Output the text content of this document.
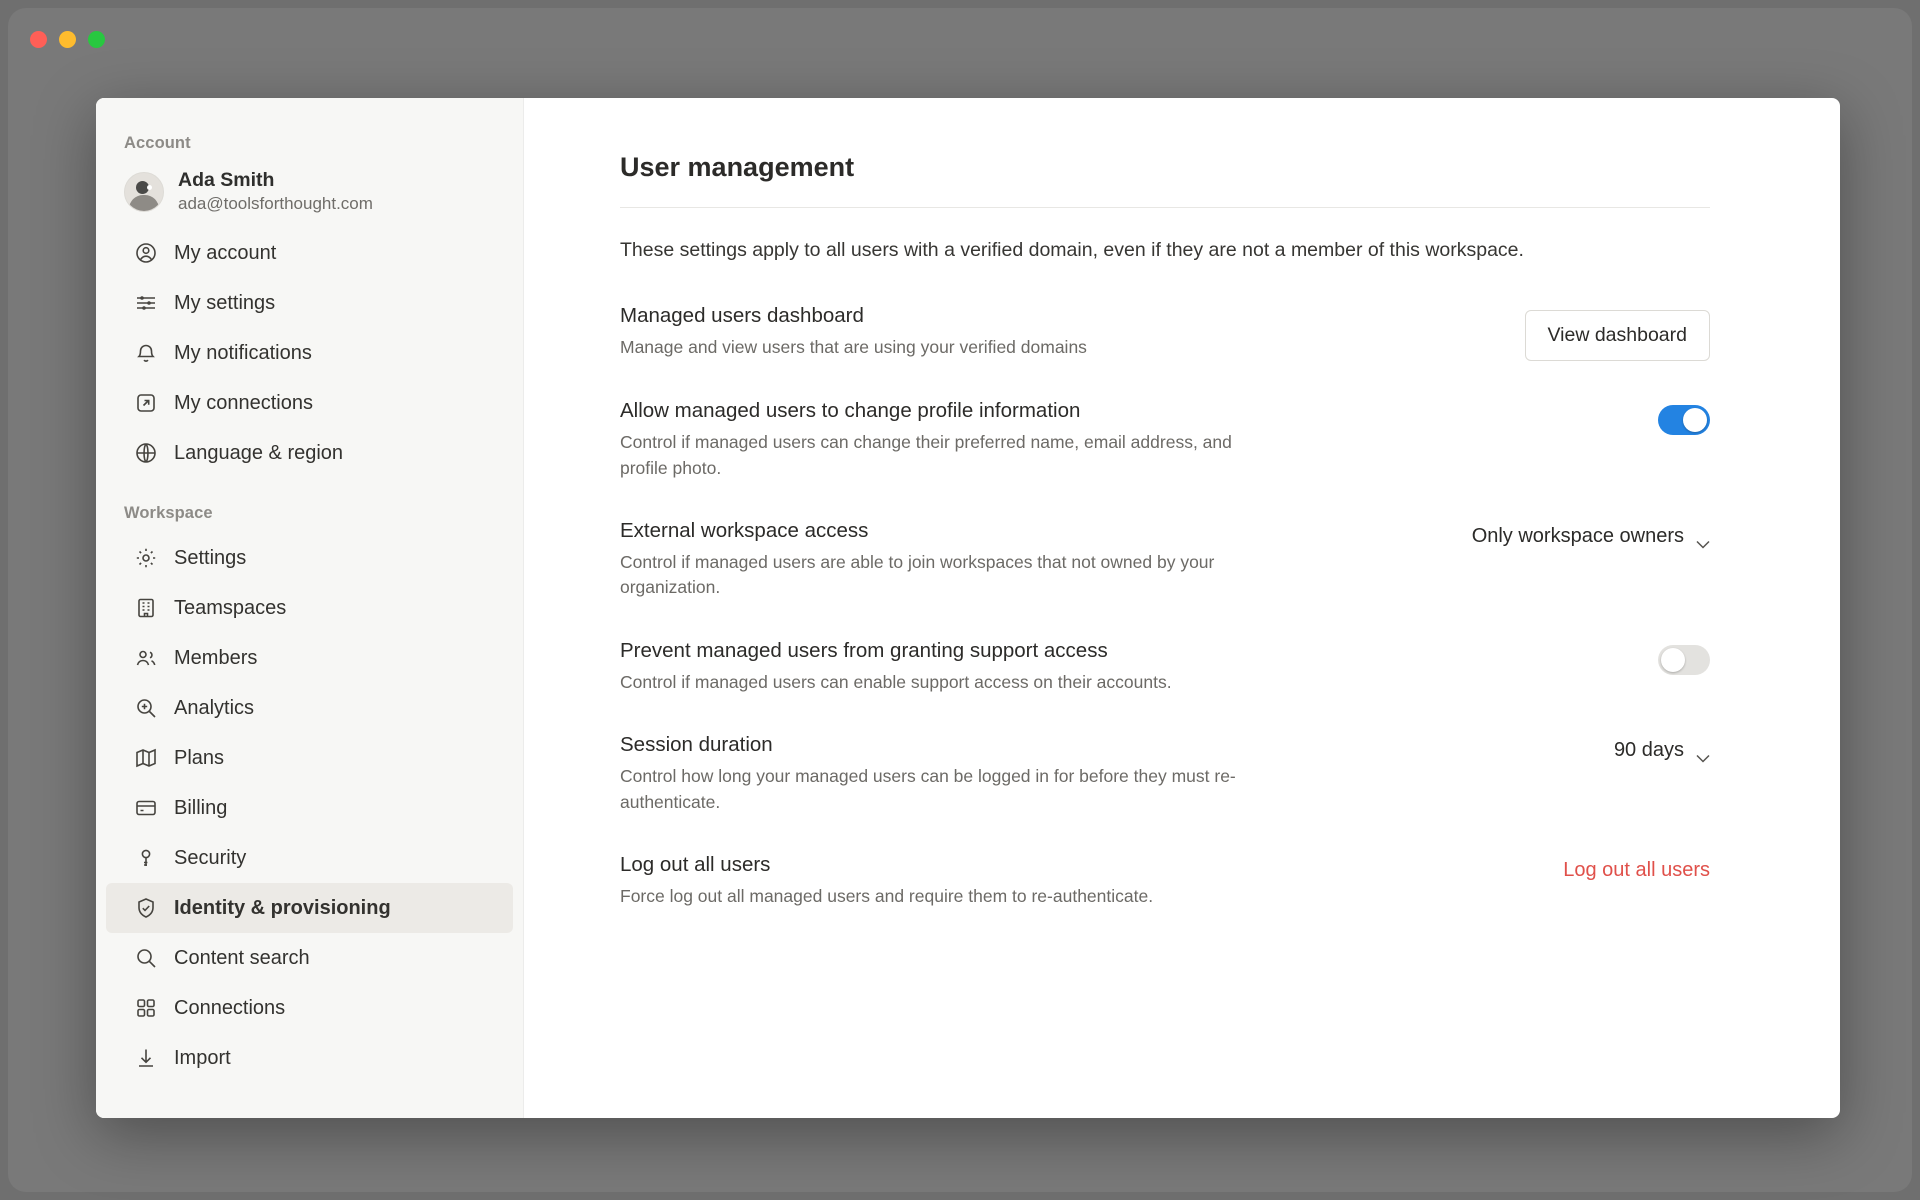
Account
Ada Smith
ada@toolsforthought.com
My account
My settings
My notifications
My connections
Language & region
Workspace
Settings
Teamspaces
Members
Analytics
Plans
Billing
Security
Identity & provisioning
Content search
Connections
Import
User management
These settings apply to all users with a verified domain, even if they are not a member of this workspace.
Managed users dashboard
Manage and view users that are using your verified domains
View dashboard
Allow managed users to change profile information
Control if managed users can change their preferred name, email address, and profile photo.
External workspace access
Control if managed users are able to join workspaces that not owned by your organization.
Only workspace owners
Prevent managed users from granting support access
Control if managed users can enable support access on their accounts.
Session duration
Control how long your managed users can be logged in for before they must re-authenticate.
90 days
Log out all users
Force log out all managed users and require them to re-authenticate.
Log out all users
